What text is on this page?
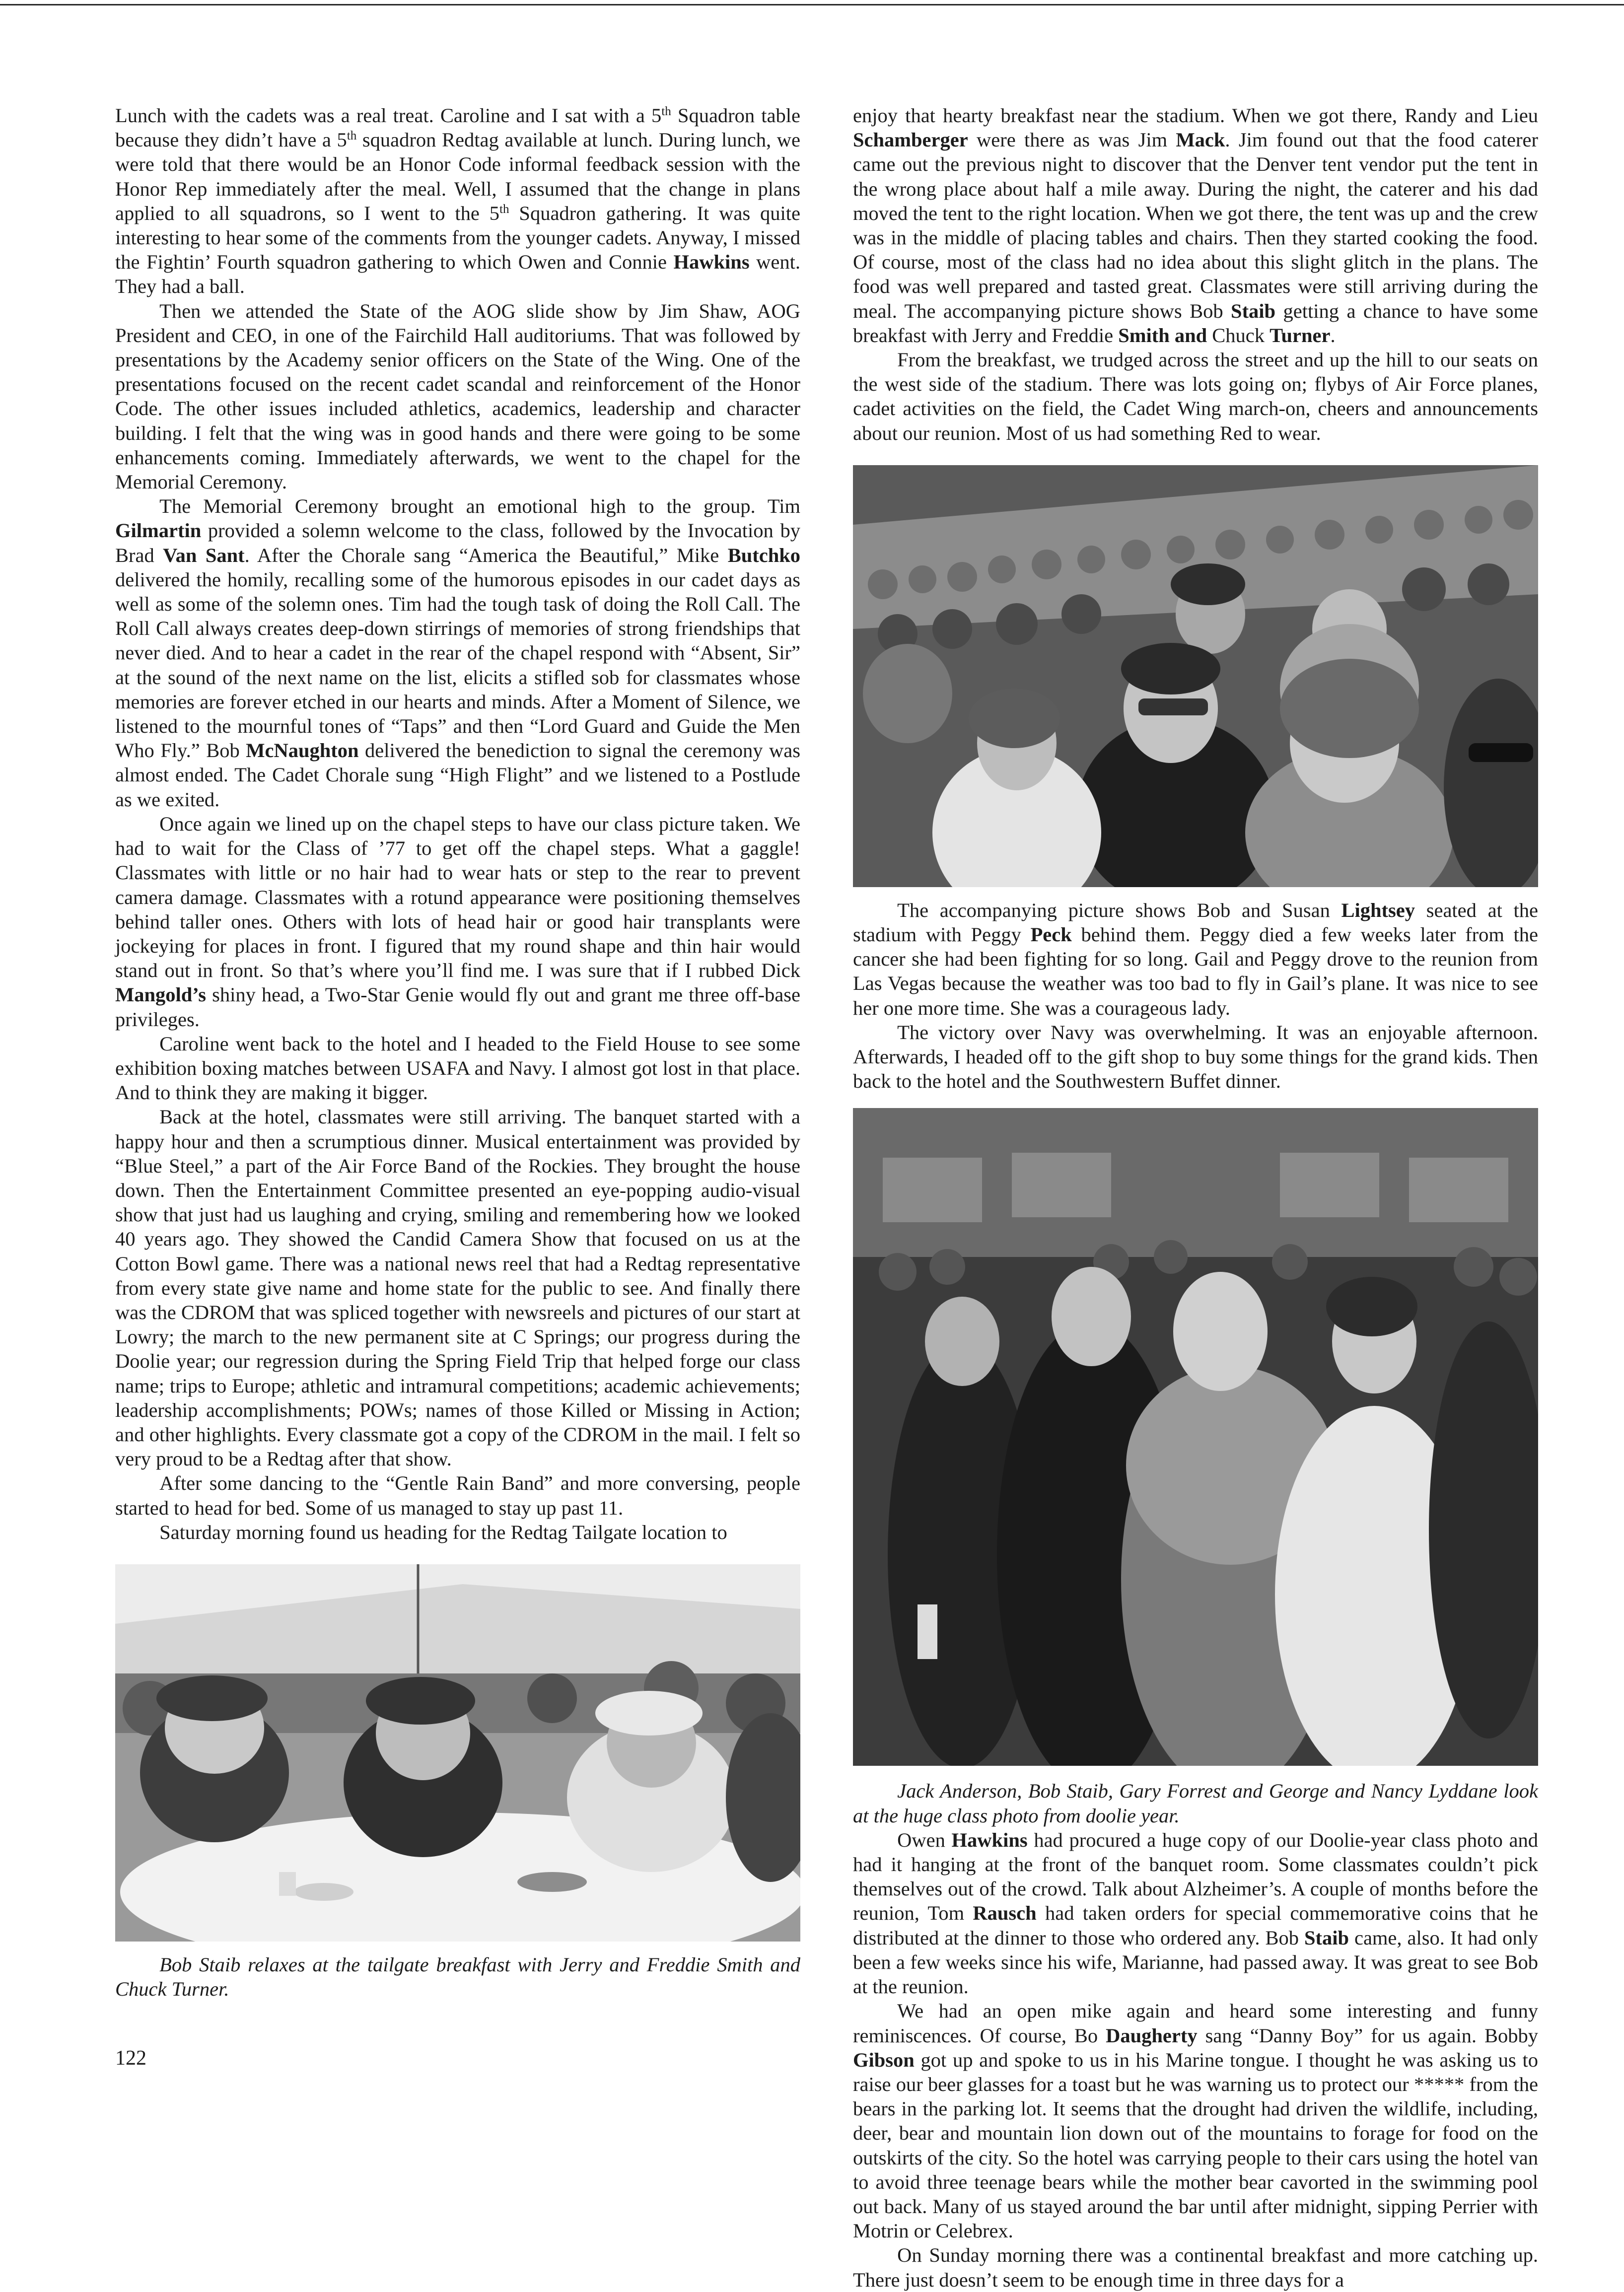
Lunch with the cadets was a real treat. Caroline and I sat with a 5th Squadron table because they didn’t have a 5th squadron Redtag available at lunch. During lunch, we were told that there would be an Honor Code informal feedback session with the Honor Rep immediately after the meal. Well, I assumed that the change in plans applied to all squadrons, so I went to the 5th Squadron gathering. It was quite interesting to hear some of the comments from the younger cadets. Anyway, I missed the Fightin’ Fourth squadron gathering to which Owen and Connie Hawkins went. They had a ball.

Then we attended the State of the AOG slide show by Jim Shaw, AOG President and CEO, in one of the Fairchild Hall auditoriums. That was followed by presentations by the Academy senior officers on the State of the Wing. One of the presentations focused on the recent cadet scandal and reinforcement of the Honor Code. The other issues included athletics, academics, leadership and character building. I felt that the wing was in good hands and there were going to be some enhancements coming. Immediately afterwards, we went to the chapel for the Memorial Ceremony.

The Memorial Ceremony brought an emotional high to the group. Tim Gilmartin provided a solemn welcome to the class, followed by the Invocation by Brad Van Sant. After the Chorale sang “America the Beautiful,” Mike Butchko delivered the homily, recalling some of the humorous episodes in our cadet days as well as some of the solemn ones. Tim had the tough task of doing the Roll Call. The Roll Call always creates deep-down stirrings of memories of strong friendships that never died. And to hear a cadet in the rear of the chapel respond with “Absent, Sir” at the sound of the next name on the list, elicits a stifled sob for classmates whose memories are forever etched in our hearts and minds. After a Moment of Silence, we listened to the mournful tones of “Taps” and then “Lord Guard and Guide the Men Who Fly.” Bob McNaughton delivered the benediction to signal the ceremony was almost ended. The Cadet Chorale sung “High Flight” and we listened to a Postlude as we exited.

Once again we lined up on the chapel steps to have our class picture taken. We had to wait for the Class of ’77 to get off the chapel steps. What a gaggle! Classmates with little or no hair had to wear hats or step to the rear to prevent camera damage. Classmates with a rotund appearance were positioning themselves behind taller ones. Others with lots of head hair or good hair transplants were jockeying for places in front. I figured that my round shape and thin hair would stand out in front. So that’s where you’ll find me. I was sure that if I rubbed Dick Mangold’s shiny head, a Two-Star Genie would fly out and grant me three off-base privileges.

Caroline went back to the hotel and I headed to the Field House to see some exhibition boxing matches between USAFA and Navy. I almost got lost in that place. And to think they are making it bigger.

Back at the hotel, classmates were still arriving. The banquet started with a happy hour and then a scrumptious dinner. Musical entertainment was provided by “Blue Steel,” a part of the Air Force Band of the Rockies. They brought the house down. Then the Entertainment Committee presented an eye-popping audio-visual show that just had us laughing and crying, smiling and remembering how we looked 40 years ago. They showed the Candid Camera Show that focused on us at the Cotton Bowl game. There was a national news reel that had a Redtag representative from every state give name and home state for the public to see. And finally there was the CDROM that was spliced together with newsreels and pictures of our start at Lowry; the march to the new permanent site at C Springs; our progress during the Doolie year; our regression during the Spring Field Trip that helped forge our class name; trips to Europe; athletic and intramural competitions; academic achievements; leadership accomplishments; POWs; names of those Killed or Missing in Action; and other highlights. Every classmate got a copy of the CDROM in the mail. I felt so very proud to be a Redtag after that show.

After some dancing to the “Gentle Rain Band” and more conversing, people started to head for bed. Some of us managed to stay up past 11.

Saturday morning found us heading for the Redtag Tailgate location to

Bob Staib relaxes at the tailgate breakfast with Jerry and Freddie Smith and Chuck Turner.

enjoy that hearty breakfast near the stadium. When we got there, Randy and Lieu Schamberger were there as was Jim Mack. Jim found out that the food caterer came out the previous night to discover that the Denver tent vendor put the tent in the wrong place about half a mile away. During the night, the caterer and his dad moved the tent to the right location. When we got there, the tent was up and the crew was in the middle of placing tables and chairs. Then they started cooking the food. Of course, most of the class had no idea about this slight glitch in the plans. The food was well prepared and tasted great. Classmates were still arriving during the meal. The accompanying picture shows Bob Staib getting a chance to have some breakfast with Jerry and Freddie Smith and Chuck Turner.

From the breakfast, we trudged across the street and up the hill to our seats on the west side of the stadium. There was lots going on; flybys of Air Force planes, cadet activities on the field, the Cadet Wing march-on, cheers and announcements about our reunion. Most of us had something Red to wear.

The accompanying picture shows Bob and Susan Lightsey seated at the stadium with Peggy Peck behind them. Peggy died a few weeks later from the cancer she had been fighting for so long. Gail and Peggy drove to the reunion from Las Vegas because the weather was too bad to fly in Gail’s plane. It was nice to see her one more time. She was a courageous lady.

The victory over Navy was overwhelming. It was an enjoyable afternoon. Afterwards, I headed off to the gift shop to buy some things for the grand kids. Then back to the hotel and the Southwestern Buffet dinner.

Jack Anderson, Bob Staib, Gary Forrest and George and Nancy Lyddane look at the huge class photo from doolie year.

Owen Hawkins had procured a huge copy of our Doolie-year class photo and had it hanging at the front of the banquet room. Some classmates couldn’t pick themselves out of the crowd. Talk about Alzheimer’s. A couple of months before the reunion, Tom Rausch had taken orders for special commemorative coins that he distributed at the dinner to those who ordered any. Bob Staib came, also. It had only been a few weeks since his wife, Marianne, had passed away. It was great to see Bob at the reunion.

We had an open mike again and heard some interesting and funny reminiscences. Of course, Bo Daugherty sang “Danny Boy” for us again. Bobby Gibson got up and spoke to us in his Marine tongue. I thought he was asking us to raise our beer glasses for a toast but he was warning us to protect our ***** from the bears in the parking lot. It seems that the drought had driven the wildlife, including, deer, bear and mountain lion down out of the mountains to forage for food on the outskirts of the city. So the hotel was carrying people to their cars using the hotel van to avoid three teenage bears while the mother bear cavorted in the swimming pool out back. Many of us stayed around the bar until after midnight, sipping Perrier with Motrin or Celebrex.

On Sunday morning there was a continental breakfast and more catching up. There just doesn’t seem to be enough time in three days for a

122
